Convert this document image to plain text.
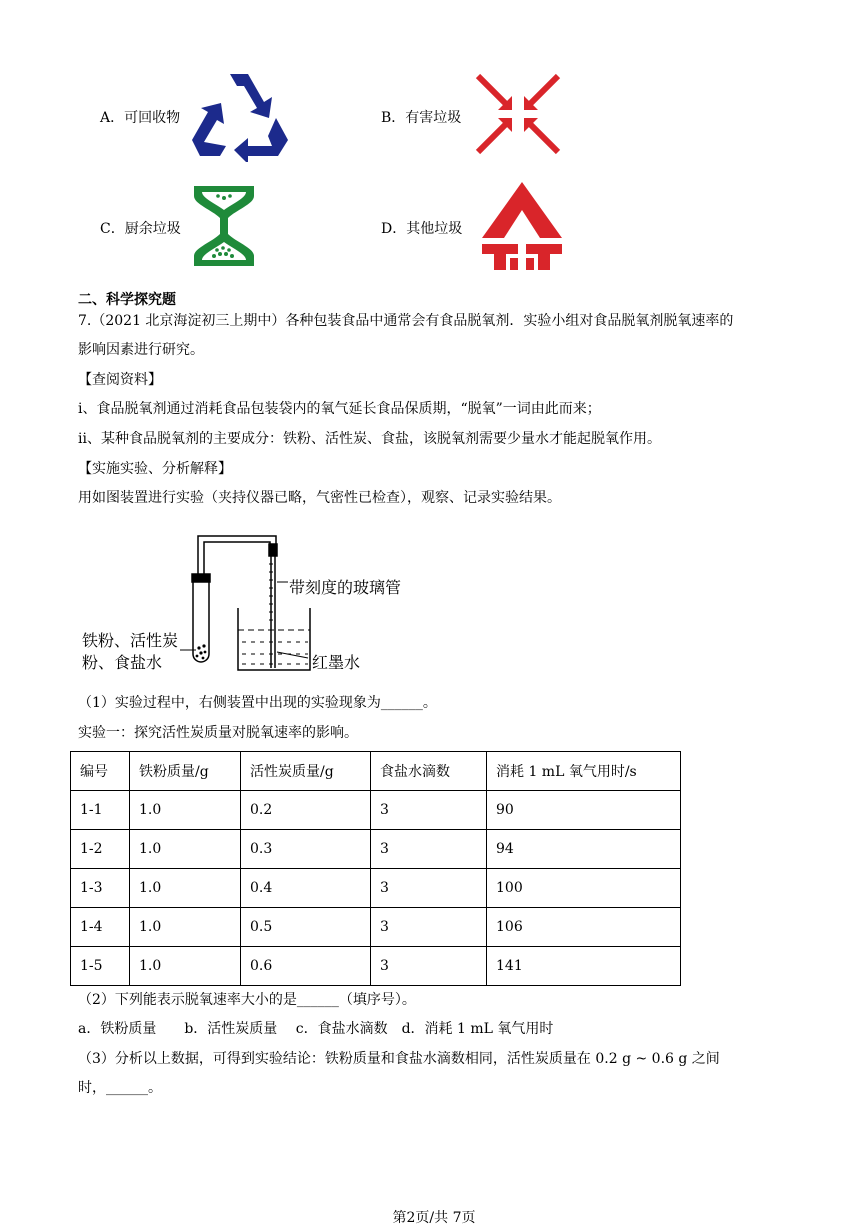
A．可回收物	B．有害垃圾
C．厨余垃圾	D．其他垃圾
二、科学探究题
7.（2021 北京海淀初三上期中）各种包装食品中通常会有食品脱氧剂．实验小组对食品脱氧剂脱氧速率的
影响因素进行研究。
【查阅资料】
i、食品脱氧剂通过消耗食品包装袋内的氧气延长食品保质期，“脱氧”一词由此而来；
ii、某种食品脱氧剂的主要成分：铁粉、活性炭、食盐，该脱氧剂需要少量水才能起脱氧作用。
【实施实验、分析解释】
用如图装置进行实验（夹持仪器已略，气密性已检查），观察、记录实验结果。
带刻度的玻璃管
铁粉、活性炭
粉、食盐水	红墨水
（1）实验过程中，右侧装置中出现的实验现象为______。
实验一：探究活性炭质量对脱氧速率的影响。
编号	铁粉质量/g	活性炭质量/g	食盐水滴数	消耗 1 mL 氧气用时/s
1-1	1.0	0.2	3	90
1-2	1.0	0.3	3	94
1-3	1.0	0.4	3	100
1-4	1.0	0.5	3	106
1-5	1.0	0.6	3	141
（2）下列能表示脱氧速率大小的是______（填序号）。
a．铁粉质量　　b．活性炭质量　 c．食盐水滴数　d．消耗 1 mL 氧气用时
（3）分析以上数据，可得到实验结论：铁粉质量和食盐水滴数相同，活性炭质量在 0.2 g ~ 0.6 g 之间
时，______。
第2页/共 7页
